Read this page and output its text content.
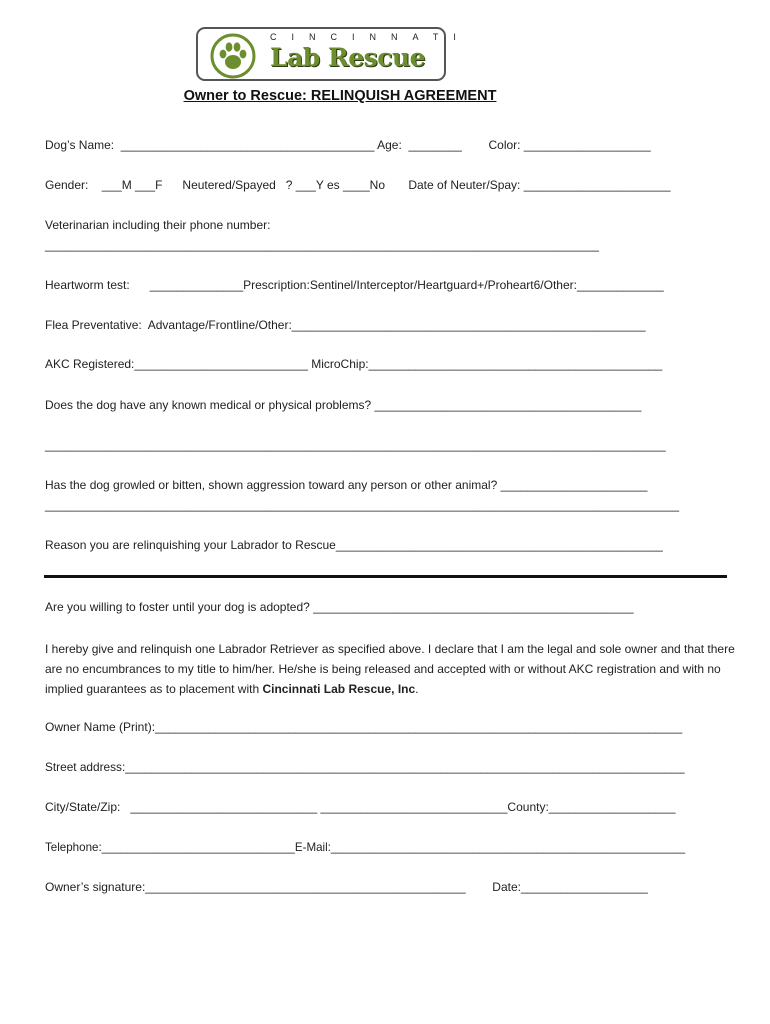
CINCINNATI
Lab Rescue
Owner to Rescue: RELINQUISH AGREEMENT
Dog’s Name:  ______________________________________ Age:  ________        Color: ___________________
Gender:    ___M ___F      Neutered/Spayed   ? ___Y es ____No       Date of Neuter/Spay: ______________________
Veterinarian including their phone number:
___________________________________________________________________________________
Heartworm test:      ______________Prescription:Sentinel/Interceptor/Heartguard+/Proheart6/Other:_____________
Flea Preventative:  Advantage/Frontline/Other:_____________________________________________________
AKC Registered:__________________________ MicroChip:____________________________________________
Does the dog have any known medical or physical problems? ________________________________________
_____________________________________________________________________________________________
Has the dog growled or bitten, shown aggression toward any person or other animal? ______________________
_______________________________________________________________________________________________
Reason you are relinquishing your Labrador to Rescue_________________________________________________
Are you willing to foster until your dog is adopted? ________________________________________________
I hereby give and relinquish one Labrador Retriever as specified above. I declare that I am the legal and sole owner and that there are no encumbrances to my title to him/her. He/she is being released and accepted with or without AKC registration and with no implied guarantees as to placement with Cincinnati Lab Rescue, Inc.
Owner Name (Print):_______________________________________________________________________________
Street address:_____________________________________________________________________________________
City/State/Zip:   ____________________________ ____________________________County:___________________
Telephone:______________________________E-Mail:_______________________________________________________
Owner’s signature:________________________________________________        Date:___________________
